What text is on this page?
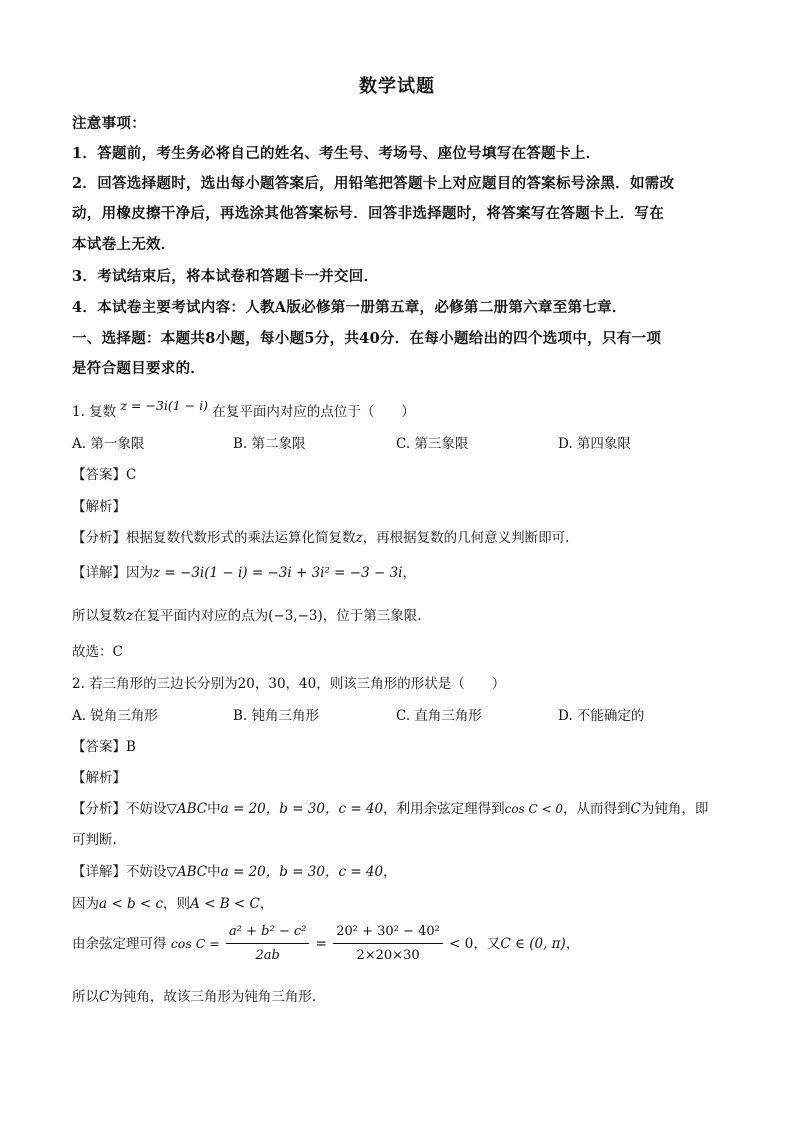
数学试题
注意事项：
1．答题前，考生务必将自己的姓名、考生号、考场号、座位号填写在答题卡上．
2．回答选择题时，选出每小题答案后，用铅笔把答题卡上对应题目的答案标号涂黑．如需改
动，用橡皮擦干净后，再选涂其他答案标号．回答非选择题时，将答案写在答题卡上．写在
本试卷上无效．
3．考试结束后，将本试卷和答题卡一并交回．
4．本试卷主要考试内容：人教A版必修第一册第五章，必修第二册第六章至第七章．
一、选择题：本题共8小题，每小题5分，共40分．在每小题给出的四个选项中，只有一项
是符合题目要求的．
1. 复数 z = −3i(1 − i) 在复平面内对应的点位于（　　）
A. 第一象限	B. 第二象限	C. 第三象限	D. 第四象限
【答案】C
【解析】
【分析】根据复数代数形式的乘法运算化简复数z，再根据复数的几何意义判断即可.
【详解】因为z = −3i(1 − i) = −3i + 3i² = −3 − 3i，
所以复数z在复平面内对应的点为(−3,−3)，位于第三象限.
故选：C
2. 若三角形的三边长分别为20，30，40，则该三角形的形状是（　　）
A. 锐角三角形	B. 钝角三角形	C. 直角三角形	D. 不能确定的
【答案】B
【解析】
【分析】不妨设▽ABC中a = 20，b = 30，c = 40，利用余弦定理得到cos C < 0，从而得到C为钝角，即
可判断.
【详解】不妨设▽ABC中a = 20，b = 30，c = 40，
因为a < b < c，则A < B < C，
由余弦定理可得 $\cos C = \frac{\text{a² + b² − c²}}{2ab} = \frac{\text{20² + 30² − 40²}}{2\times 20\times 30} < 0$，又C ∈ (0, π)，
所以C为钝角，故该三角形为钝角三角形.
